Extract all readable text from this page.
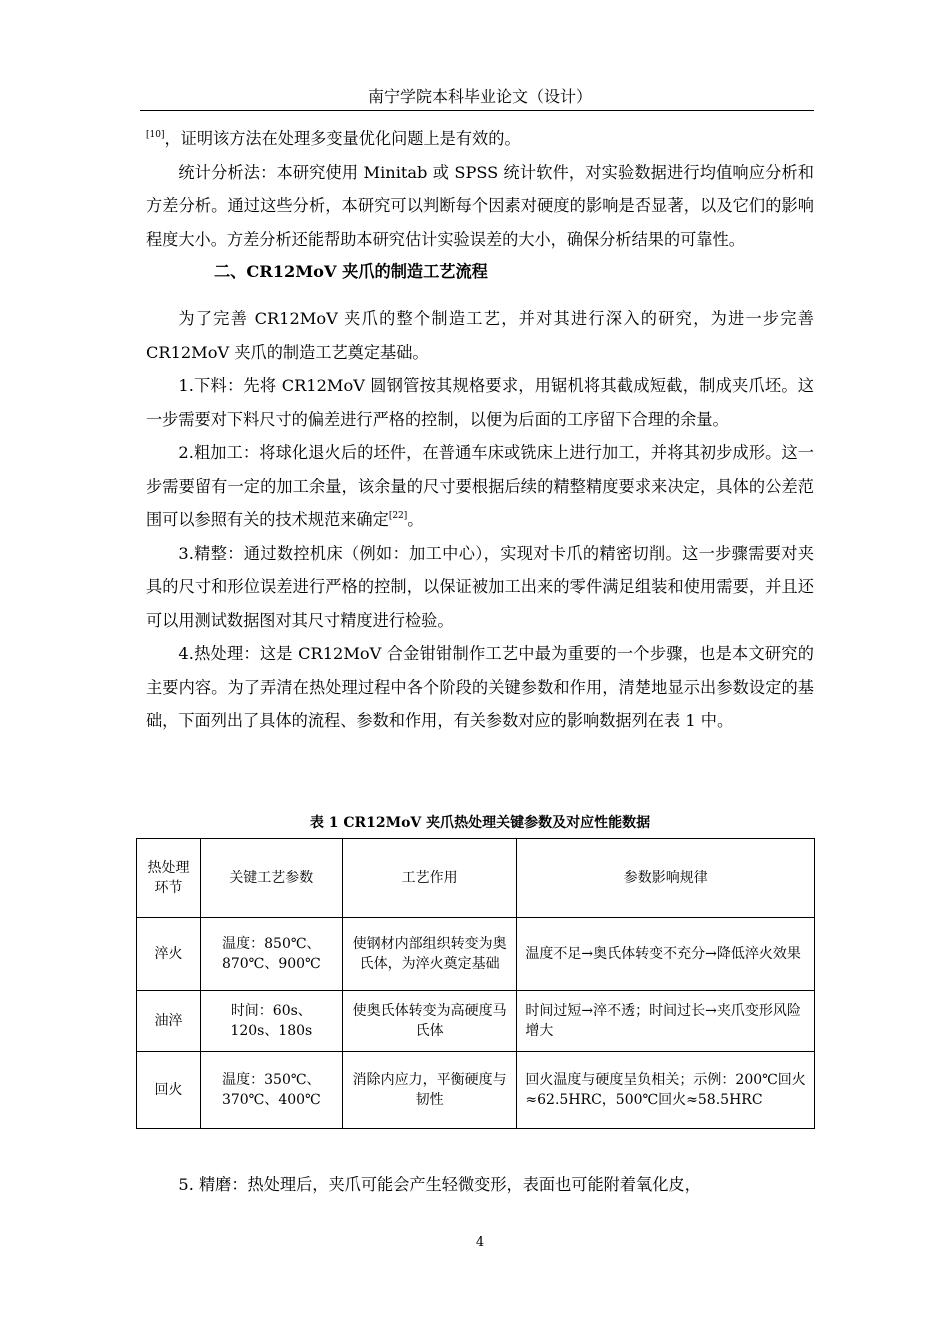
南宁学院本科毕业论文（设计）

[10]，证明该方法在处理多变量优化问题上是有效的。

统计分析法：本研究使用 Minitab 或 SPSS 统计软件，对实验数据进行均值响应分析和方差分析。通过这些分析，本研究可以判断每个因素对硬度的影响是否显著，以及它们的影响程度大小。方差分析还能帮助本研究估计实验误差的大小，确保分析结果的可靠性。

二、CR12MoV 夹爪的制造工艺流程

为了完善 CR12MoV 夹爪的整个制造工艺，并对其进行深入的研究，为进一步完善 CR12MoV 夹爪的制造工艺奠定基础。

1.下料：先将 CR12MoV 圆钢管按其规格要求，用锯机将其截成短截，制成夹爪坯。这一步需要对下料尺寸的偏差进行严格的控制，以便为后面的工序留下合理的余量。

2.粗加工：将球化退火后的坯件，在普通车床或铣床上进行加工，并将其初步成形。这一步需要留有一定的加工余量，该余量的尺寸要根据后续的精整精度要求来决定，具体的公差范围可以参照有关的技术规范来确定[22]。

3.精整：通过数控机床（例如：加工中心），实现对卡爪的精密切削。这一步骤需要对夹具的尺寸和形位误差进行严格的控制，以保证被加工出来的零件满足组装和使用需要，并且还可以用测试数据图对其尺寸精度进行检验。

4.热处理：这是 CR12MoV 合金钳钳制作工艺中最为重要的一个步骤，也是本文研究的主要内容。为了弄清在热处理过程中各个阶段的关键参数和作用，清楚地显示出参数设定的基础，下面列出了具体的流程、参数和作用，有关参数对应的影响数据列在表 1 中。

表 1 CR12MoV 夹爪热处理关键参数及对应性能数据
热处理环节	关键工艺参数	工艺作用	参数影响规律
淬火	温度：850℃、870℃、900℃	使钢材内部组织转变为奥氏体，为淬火奠定基础	温度不足→奥氏体转变不充分→降低淬火效果
油淬	时间：60s、120s、180s	使奥氏体转变为高硬度马氏体	时间过短→淬不透；时间过长→夹爪变形风险增大
回火	温度：350℃、370℃、400℃	消除内应力，平衡硬度与韧性	回火温度与硬度呈负相关；示例：200℃回火≈62.5HRC，500℃回火≈58.5HRC

5. 精磨：热处理后，夹爪可能会产生轻微变形，表面也可能附着氧化皮，

4
